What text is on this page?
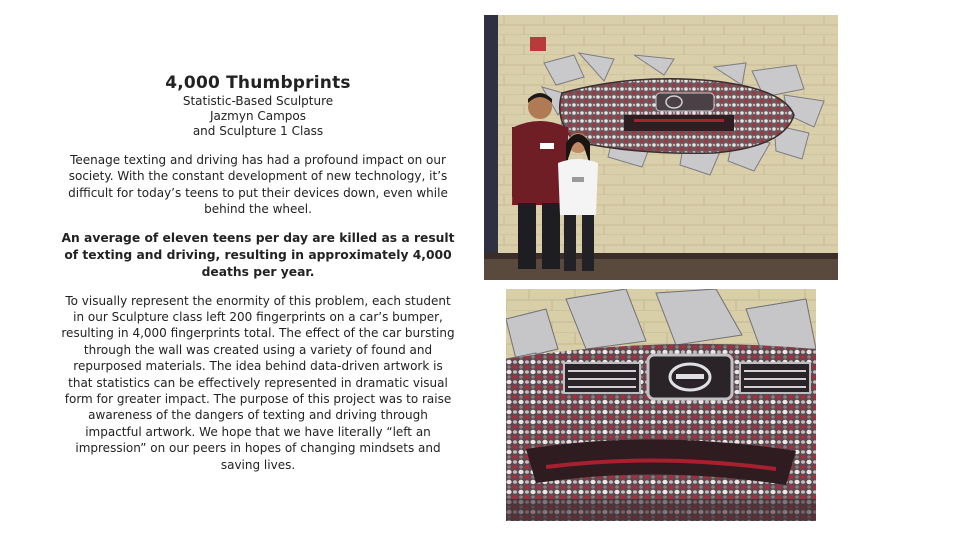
4,000 Thumbprints

Statistic-Based Sculpture

Jazmyn Campos

and Sculpture 1 Class

Teenage texting and driving has had a profound impact on our society. With the constant development of new technology, it’s difficult for today’s teens to put their devices down, even while behind the wheel.

An average of eleven teens per day are killed as a result of texting and driving, resulting in approximately 4,000 deaths per year.

To visually represent the enormity of this problem, each student in our Sculpture class left 200 fingerprints on a car’s bumper, resulting in 4,000 fingerprints total. The effect of the car bursting through the wall was created using a variety of found and repurposed materials. The idea behind data-driven artwork is that statistics can be effectively represented in dramatic visual form for greater impact. The purpose of this project was to raise awareness of the dangers of texting and driving through impactful artwork. We hope that we have literally “left an impression” on our peers in hopes of changing mindsets and saving lives.
